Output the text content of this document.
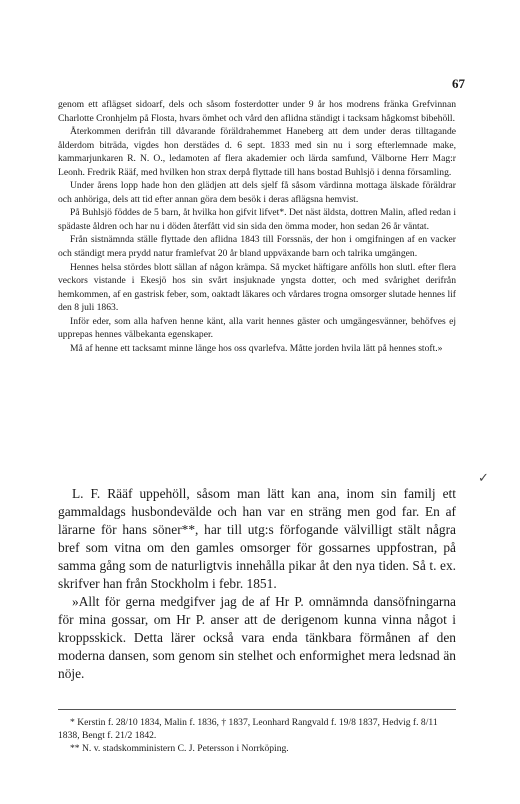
67

genom ett aflägset sidoarf, dels och såsom fosterdotter under 9 år hos modrens fränka Grefvinnan Charlotte Cronhjelm på Flosta, hvars ömhet och vård den aflidna ständigt i tacksam hågkomst bibehöll.

Återkommen derifrån till dåvarande föräldrahemmet Haneberg att dem under deras tilltagande ålderdom biträda, vigdes hon derstädes d. 6 sept. 1833 med sin nu i sorg efterlemnade make, kammarjunkaren R. N. O., ledamoten af flera akademier och lärda samfund, Välborne Herr Mag:r Leonh. Fredrik Rääf, med hvilken hon strax derpå flyttade till hans bostad Buhlsjö i denna församling.

Under årens lopp hade hon den glädjen att dels sjelf få såsom värdinna mottaga älskade föräldrar och anhöriga, dels att tid efter annan göra dem besök i deras aflägsna hemvist.

På Buhlsjö föddes de 5 barn, åt hvilka hon gifvit lifvet*. Det näst äldsta, dottren Malin, afled redan i spädaste åldren och har nu i döden återfått vid sin sida den ömma moder, hon sedan 26 år väntat.

Från sistnämnda ställe flyttade den aflidna 1843 till Forssnäs, der hon i omgifningen af en vacker och ständigt mera prydd natur framlefvat 20 år bland uppväxande barn och talrika umgängen.

Hennes helsa stördes blott sällan af någon krämpa. Så mycket häftigare anfölls hon slutl. efter flera veckors vistande i Ekesjö hos sin svårt insjuknade yngsta dotter, och med svårighet derifrån hemkommen, af en gastrisk feber, som, oaktadt läkares och vårdares trogna omsorger slutade hennes lif den 8 juli 1863.

Inför eder, som alla hafven henne känt, alla varit hennes gäster och umgängesvänner, behöfves ej upprepas hennes välbekanta egenskaper.

Må af henne ett tacksamt minne länge hos oss qvarlefva. Måtte jorden hvila lätt på hennes stoft.»

✓

L. F. Rääf uppehöll, såsom man lätt kan ana, inom sin familj ett gammaldags husbondevälde och han var en sträng men god far. En af lärarne för hans söner**, har till utg:s förfogande välvilligt stält några bref som vitna om den gamles omsorger för gossarnes uppfostran, på samma gång som de naturligtvis innehålla pikar åt den nya tiden. Så t. ex. skrifver han från Stockholm i febr. 1851.

»Allt för gerna medgifver jag de af Hr P. omnämnda dansöfningarna för mina gossar, om Hr P. anser att de derigenom kunna vinna något i kroppsskick. Detta lärer också vara enda tänkbara förmånen af den moderna dansen, som genom sin stelhet och enformighet mera ledsnad än nöje.

* Kerstin f. 28/10 1834, Malin f. 1836, † 1837, Leonhard Rangvald f. 19/8 1837, Hedvig f. 8/11 1838, Bengt f. 21/2 1842.

** N. v. stadskomministern C. J. Petersson i Norrköping.
